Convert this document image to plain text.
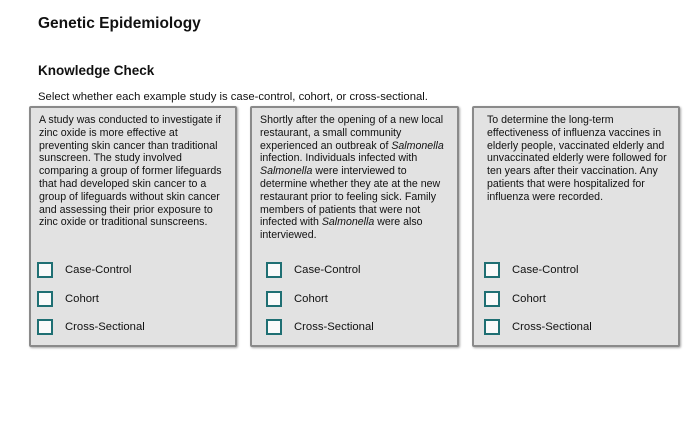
Genetic Epidemiology
Knowledge Check

Select whether each example study is case-control, cohort, or cross-sectional.

A study was conducted to investigate if zinc oxide is more effective at preventing skin cancer than traditional sunscreen. The study involved comparing a group of former lifeguards that had developed skin cancer to a group of lifeguards without skin cancer and assessing their prior exposure to zinc oxide or traditional sunscreens.

Case-Control
Cohort
Cross-Sectional

Shortly after the opening of a new local restaurant, a small community experienced an outbreak of Salmonella infection. Individuals infected with Salmonella were interviewed to determine whether they ate at the new restaurant prior to feeling sick. Family members of patients that were not infected with Salmonella were also interviewed.

Case-Control
Cohort
Cross-Sectional

To determine the long-term effectiveness of influenza vaccines in elderly people, vaccinated elderly and unvaccinated elderly were followed for ten years after their vaccination. Any patients that were hospitalized for influenza were recorded.

Case-Control
Cohort
Cross-Sectional
